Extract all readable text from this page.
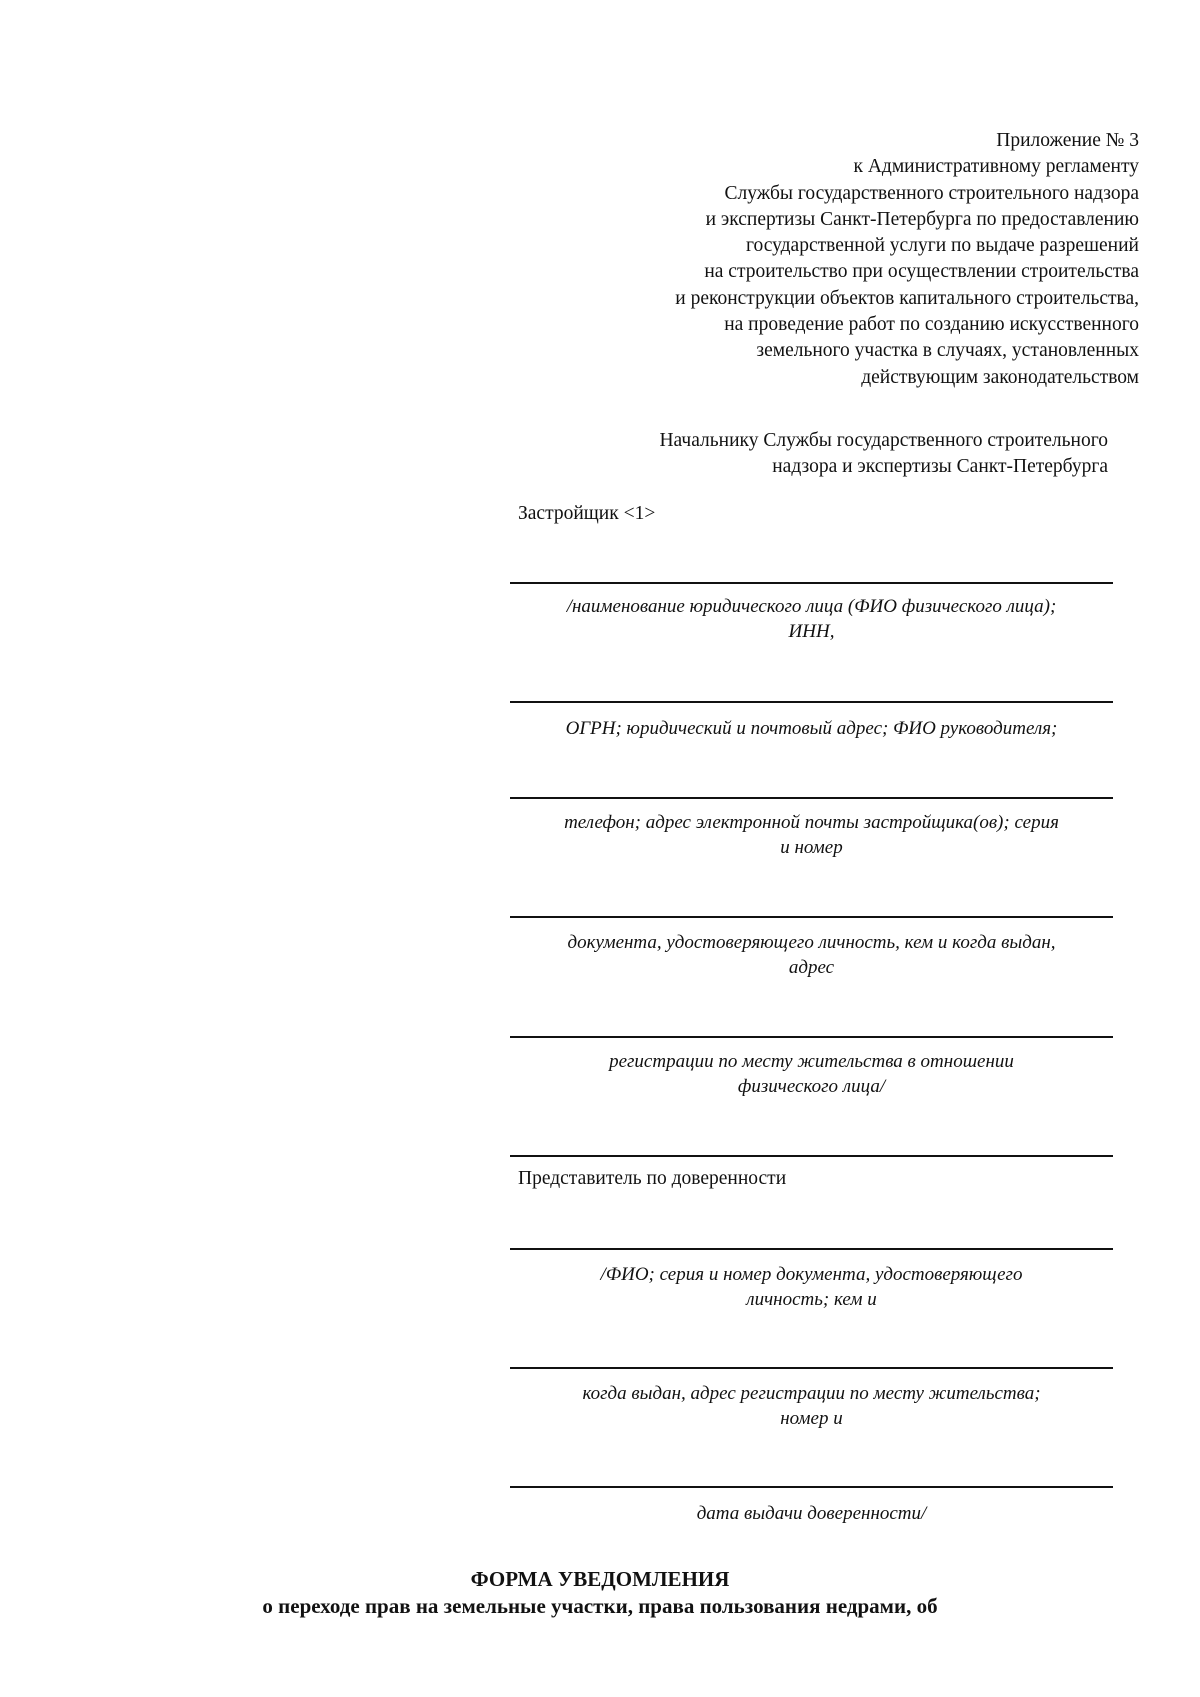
Приложение № 3
к Административному регламенту
Службы государственного строительного надзора
и экспертизы Санкт-Петербурга по предоставлению
государственной услуги по выдаче разрешений
на строительство при осуществлении строительства
и реконструкции объектов капитального строительства,
на проведение работ по созданию искусственного
земельного участка в случаях, установленных
действующим законодательством
Начальнику Службы государственного строительного
надзора и экспертизы Санкт-Петербурга
Застройщик <1>
/наименование юридического лица (ФИО физического лица);
ИНН,
ОГРН; юридический и почтовый адрес; ФИО руководителя;
телефон; адрес электронной почты застройщика(ов); серия
и номер
документа, удостоверяющего личность, кем и когда выдан,
адрес
регистрации по месту жительства в отношении
физического лица/
Представитель по доверенности
/ФИО; серия и номер документа, удостоверяющего
личность; кем и
когда выдан, адрес регистрации по месту жительства;
номер и
дата выдачи доверенности/
ФОРМА УВЕДОМЛЕНИЯ
о переходе прав на земельные участки, права пользования недрами, об
